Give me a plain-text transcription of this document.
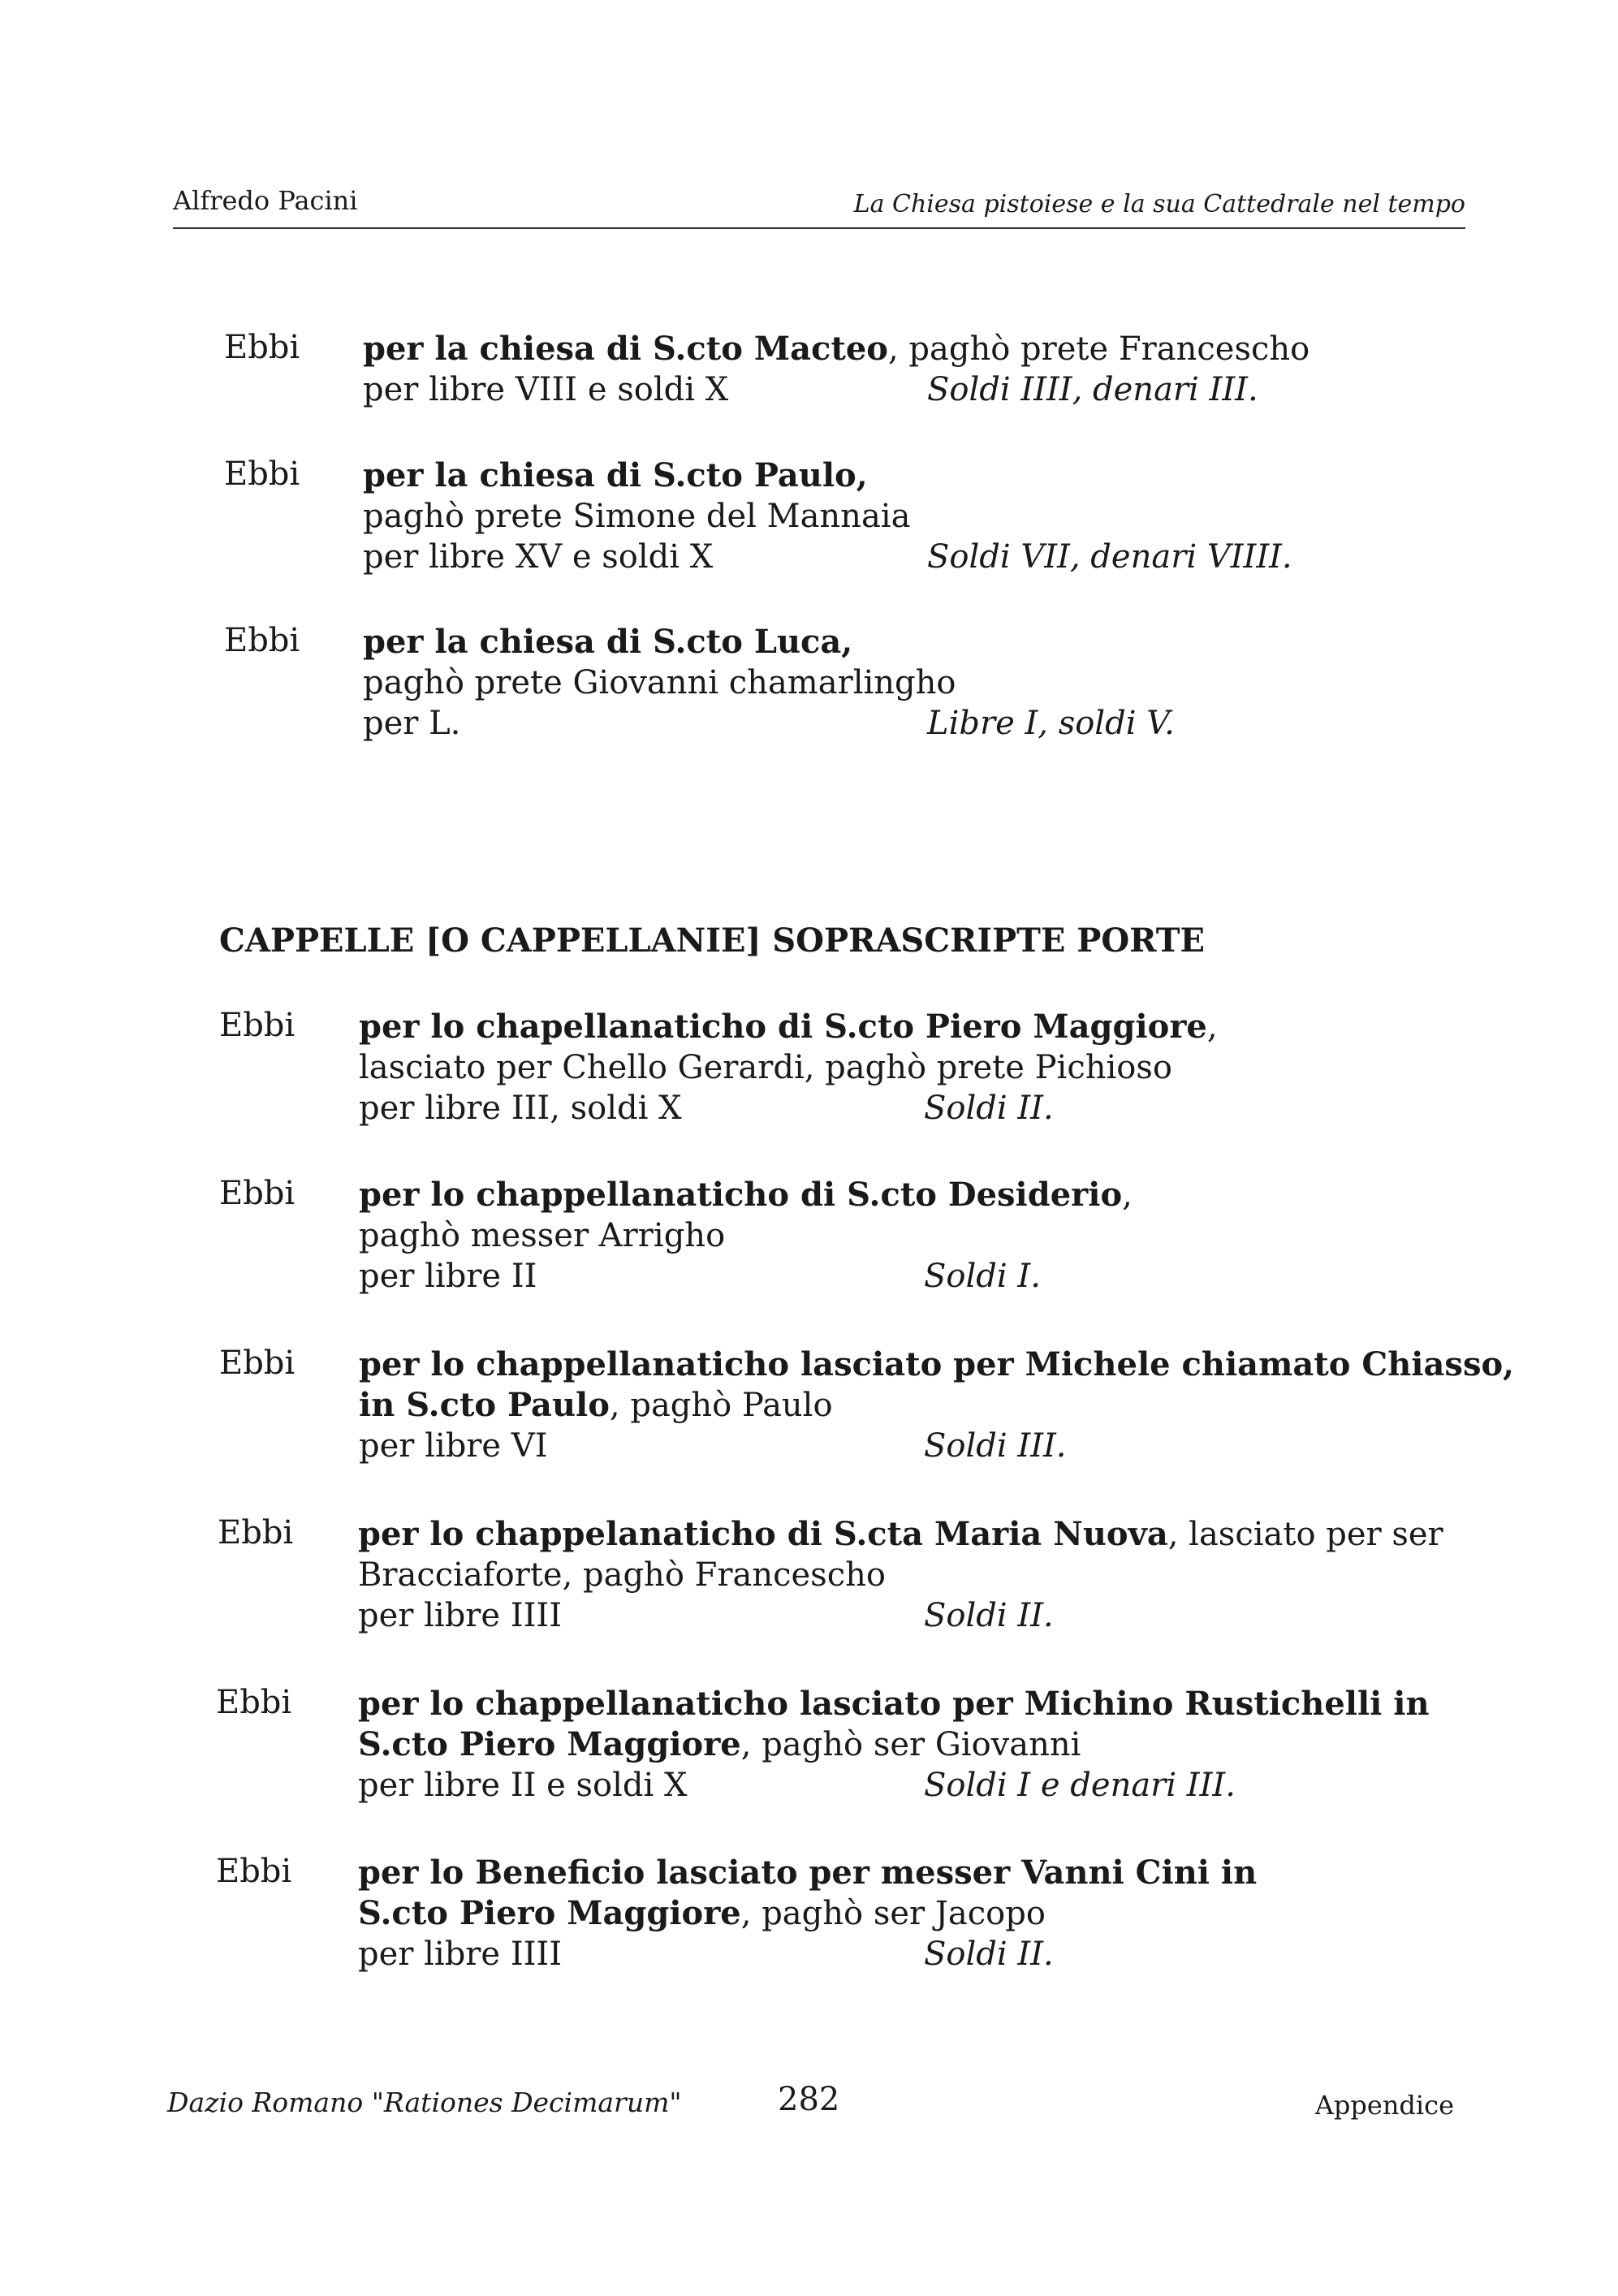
Alfredo Pacini	La Chiesa pistoiese e la sua Cattedrale nel tempo
Ebbi per la chiesa di S.cto Macteo, paghò prete Francescho
per libre VIII e soldi X	Soldi IIII, denari III.
Ebbi per la chiesa di S.cto Paulo,
paghò prete Simone del Mannaia
per libre XV e soldi X	Soldi VII, denari VIIII.
Ebbi per la chiesa di S.cto Luca,
paghò prete Giovanni chamarlingho
per L.	Libre I, soldi V.
CAPPELLE [O CAPPELLANIE] SOPRASCRIPTE PORTE
Ebbi per lo chapellanaticho di S.cto Piero Maggiore,
lasciato per Chello Gerardi, paghò prete Pichioso
per libre III, soldi X	Soldi II.
Ebbi per lo chappellanaticho di S.cto Desiderio,
paghò messer Arrigho
per libre II	Soldi I.
Ebbi per lo chappellanaticho lasciato per Michele chiamato Chiasso,
in S.cto Paulo, paghò Paulo
per libre VI	Soldi III.
Ebbi per lo chappelanaticho di S.cta Maria Nuova, lasciato per ser
Bracciaforte, paghò Francescho
per libre IIII	Soldi II.
Ebbi per lo chappellanaticho lasciato per Michino Rustichelli in
S.cto Piero Maggiore, paghò ser Giovanni
per libre II e soldi X	Soldi I e denari III.
Ebbi per lo Beneficio lasciato per messer Vanni Cini in
S.cto Piero Maggiore, paghò ser Jacopo
per libre IIII	Soldi II.
Dazio Romano "Rationes Decimarum"	282	Appendice
